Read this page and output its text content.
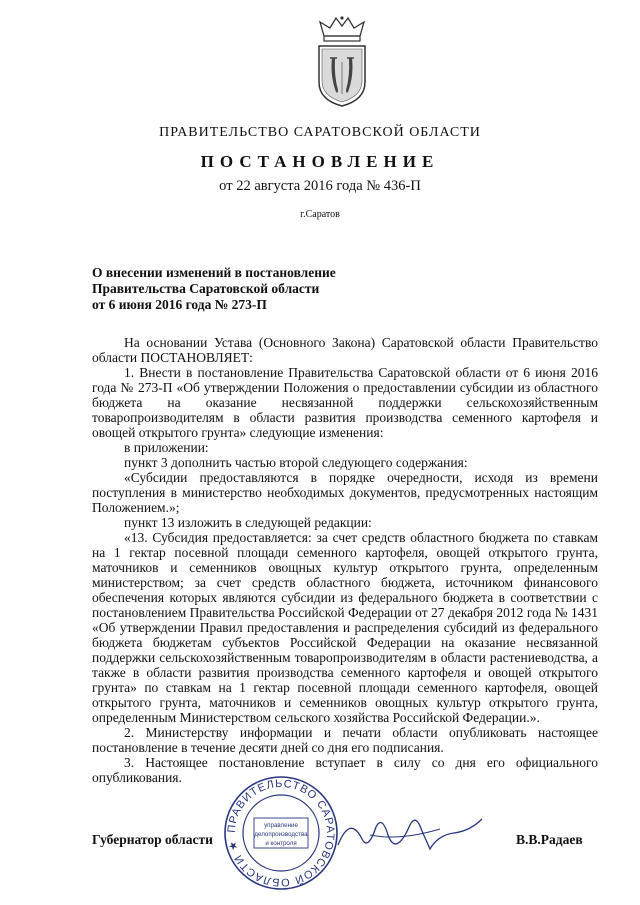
ПРАВИТЕЛЬСТВО САРАТОВСКОЙ ОБЛАСТИ
ПОСТАНОВЛЕНИЕ
от 22 августа 2016 года № 436-П
г.Саратов
О внесении изменений в постановление
Правительства Саратовской области
от 6 июня 2016 года № 273-П

На основании Устава (Основного Закона) Саратовской области Правительство области ПОСТАНОВЛЯЕТ:

1. Внести в постановление Правительства Саратовской области от 6 июня 2016 года № 273-П «Об утверждении Положения о предоставлении субсидии из областного бюджета на оказание несвязанной поддержки сельскохозяйственным товаропроизводителям в области развития производства семенного картофеля и овощей открытого грунта» следующие изменения:

в приложении:

пункт 3 дополнить частью второй следующего содержания:

«Субсидии предоставляются в порядке очередности, исходя из времени поступления в министерство необходимых документов, предусмотренных настоящим Положением.»;

пункт 13 изложить в следующей редакции:

«13. Субсидия предоставляется: за счет средств областного бюджета по ставкам на 1 гектар посевной площади семенного картофеля, овощей открытого грунта, маточников и семенников овощных культур открытого грунта, определенным министерством; за счет средств областного бюджета, источником финансового обеспечения которых являются субсидии из федерального бюджета в соответствии с постановлением Правительства Российской Федерации от 27 декабря 2012 года № 1431 «Об утверждении Правил предоставления и распределения субсидий из федерального бюджета бюджетам субъектов Российской Федерации на оказание несвязанной поддержки сельскохозяйственным товаропроизводителям в области растениеводства, а также в области развития производства семенного картофеля и овощей открытого грунта» по ставкам на 1 гектар посевной площади семенного картофеля, овощей открытого грунта, маточников и семенников овощных культур открытого грунта, определенным Министерством сельского хозяйства Российской Федерации.».

2. Министерству информации и печати области опубликовать настоящее постановление в течение десяти дней со дня его подписания.

3. Настоящее постановление вступает в силу со дня его официального опубликования.

ПРАВИТЕЛЬСТВО САРАТОВСКОЙ ОБЛАСТИ ★
управление
делопроизводства
и контроля
Губернатор области	В.В.Радаев
